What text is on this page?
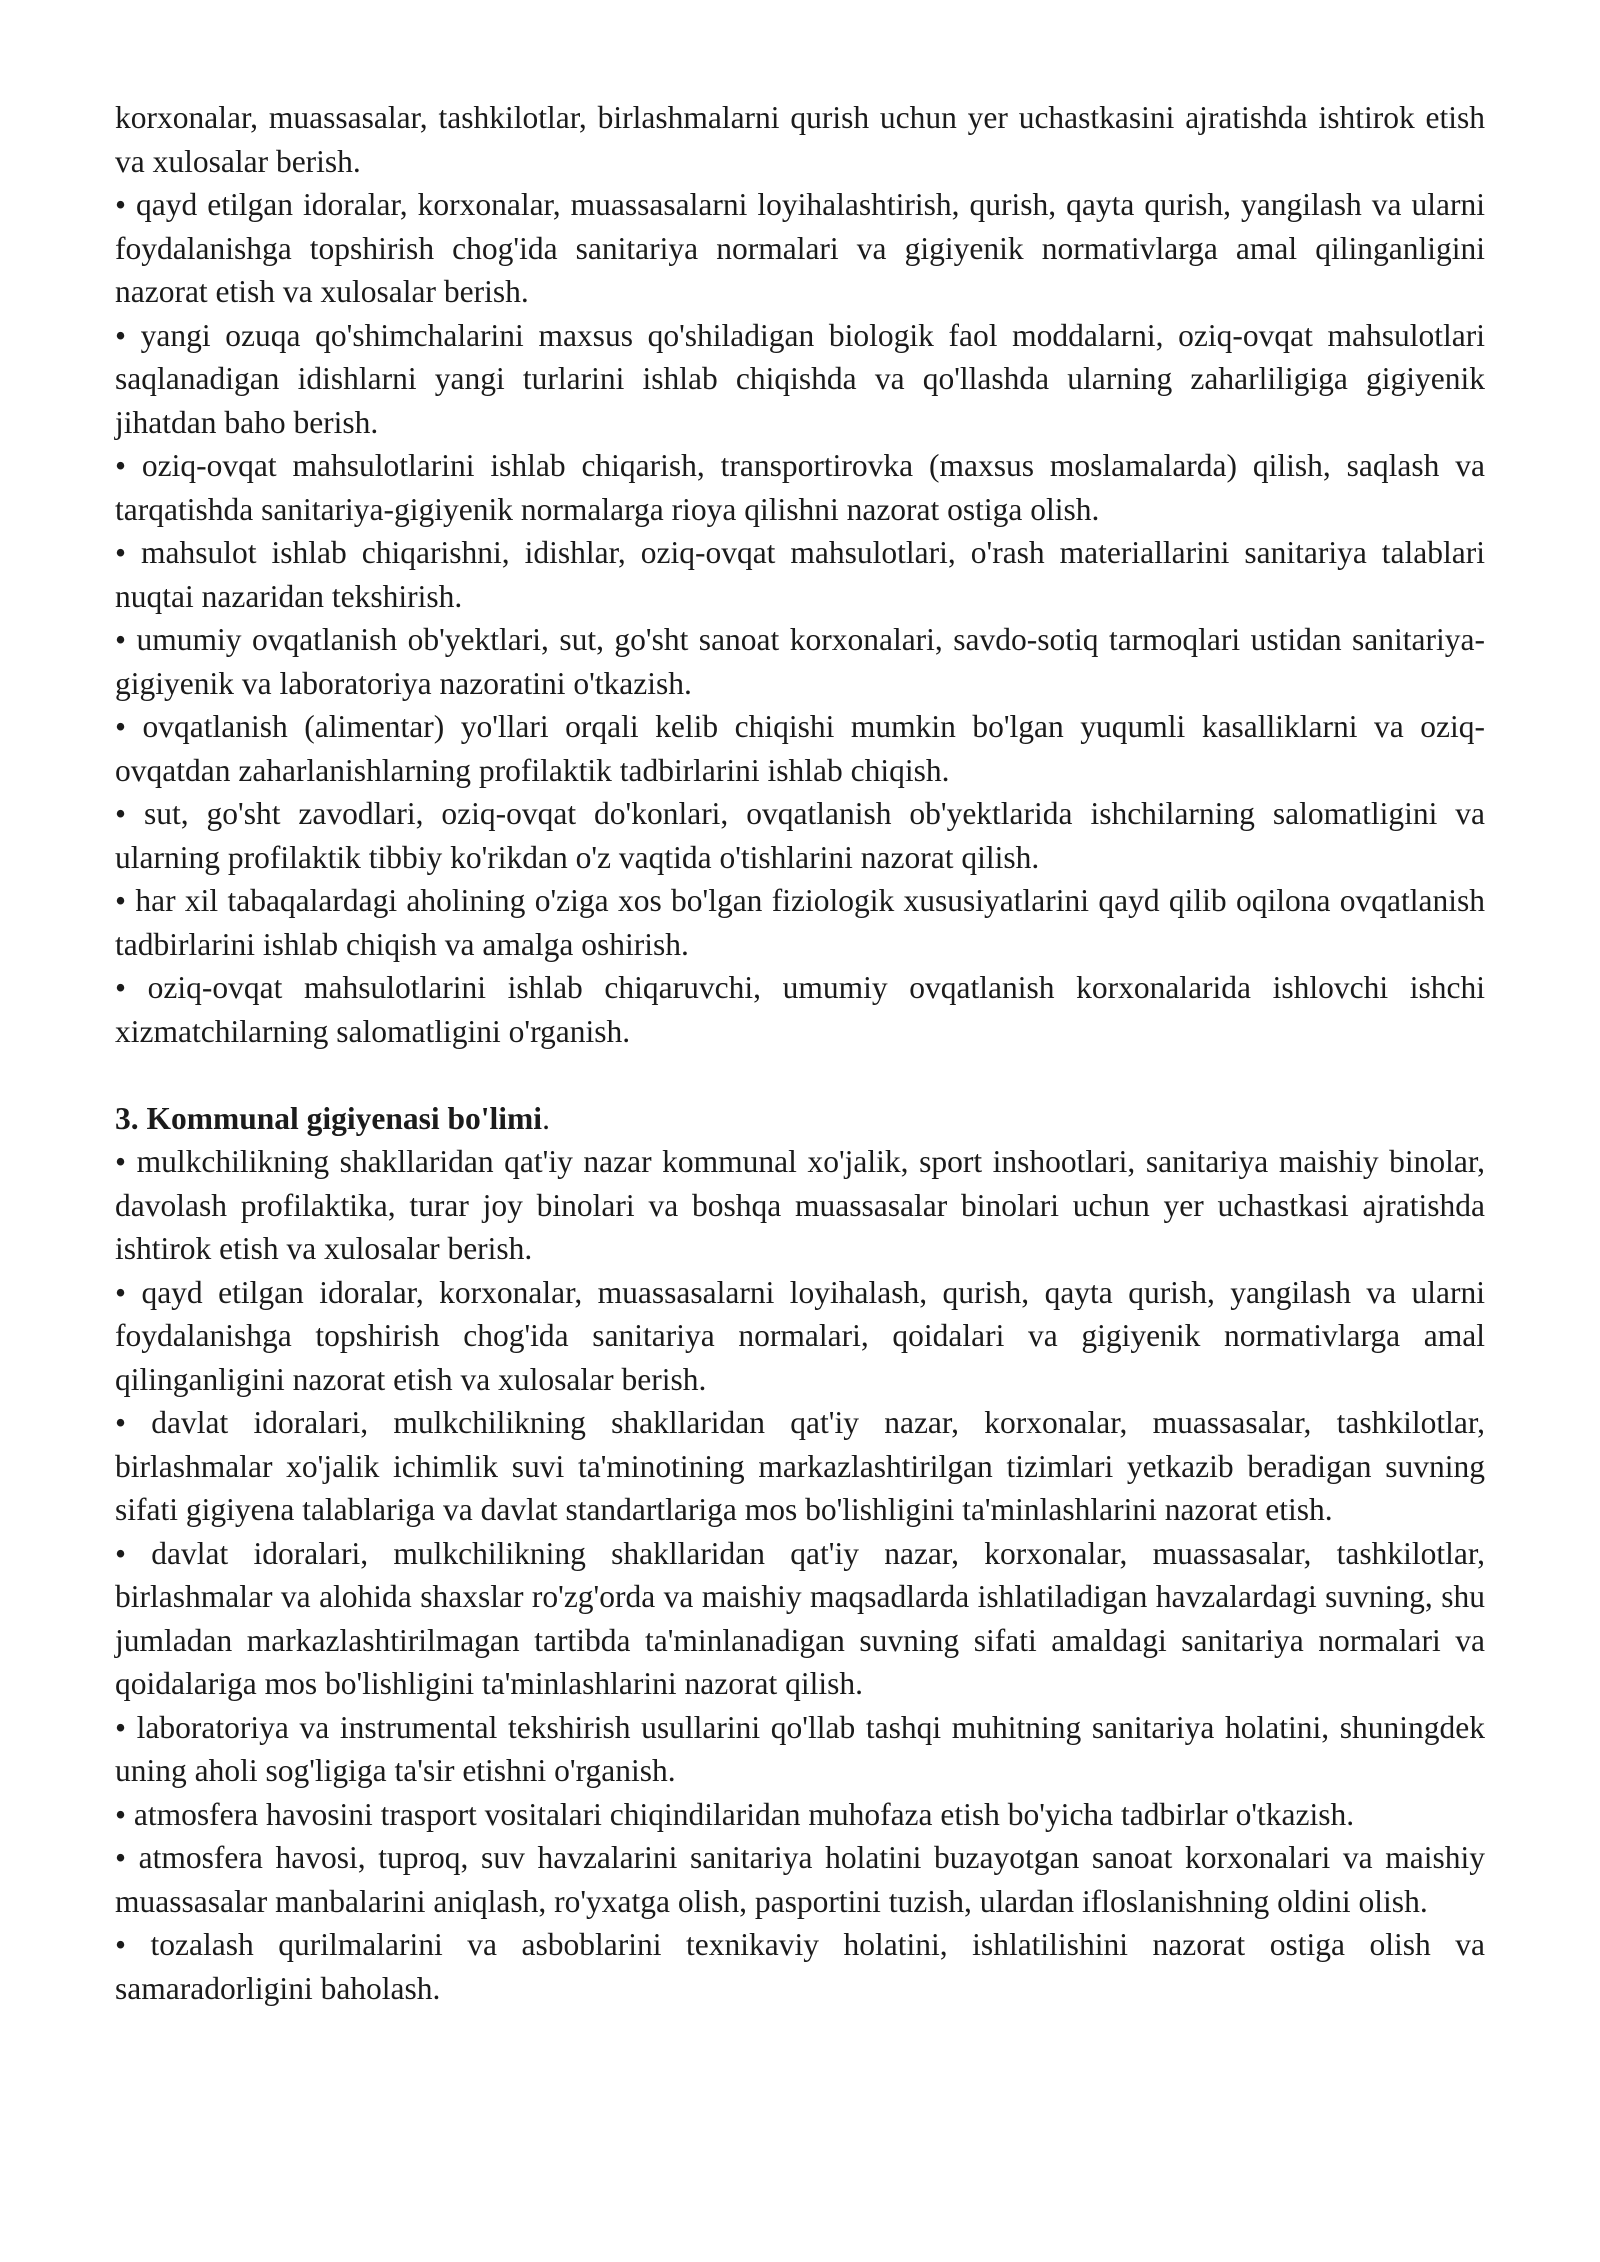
korxonalar, muassasalar, tashkilotlar, birlashmalarni qurish uchun yer uchastkasini ajratishda ishtirok etish va xulosalar berish.

• qayd etilgan idoralar, korxonalar, muassasalarni loyihalashtirish, qurish, qayta qurish, yangilash va ularni foydalanishga topshirish chog'ida sanitariya normalari va gigiyenik normativlarga amal qilinganligini nazorat etish va xulosalar berish.

• yangi ozuqa qo'shimchalarini maxsus qo'shiladigan biologik faol moddalarni, oziq-ovqat mahsulotlari saqlanadigan idishlarni yangi turlarini ishlab chiqishda va qo'llashda ularning zaharliligiga gigiyenik jihatdan baho berish.

• oziq-ovqat mahsulotlarini ishlab chiqarish, transportirovka (maxsus moslamalarda) qilish, saqlash va tarqatishda sanitariya-gigiyenik normalarga rioya qilishni nazorat ostiga olish.

• mahsulot ishlab chiqarishni, idishlar, oziq-ovqat mahsulotlari, o'rash materiallarini sanitariya talablari nuqtai nazaridan tekshirish.

• umumiy ovqatlanish ob'yektlari, sut, go'sht sanoat korxonalari, savdo-sotiq tarmoqlari ustidan sanitariya-gigiyenik va laboratoriya nazoratini o'tkazish.

• ovqatlanish (alimentar) yo'llari orqali kelib chiqishi mumkin bo'lgan yuqumli kasalliklarni va oziq-ovqatdan zaharlanishlarning profilaktik tadbirlarini ishlab chiqish.

• sut, go'sht zavodlari, oziq-ovqat do'konlari, ovqatlanish ob'yektlarida ishchilarning salomatligini va ularning profilaktik tibbiy ko'rikdan o'z vaqtida o'tishlarini nazorat qilish.

• har xil tabaqalardagi aholining o'ziga xos bo'lgan fiziologik xususiyatlarini qayd qilib oqilona ovqatlanish tadbirlarini ishlab chiqish va amalga oshirish.

• oziq-ovqat mahsulotlarini ishlab chiqaruvchi, umumiy ovqatlanish korxonalarida ishlovchi ishchi xizmatchilarning salomatligini o'rganish.

3. Kommunal gigiyenasi bo'limi.

• mulkchilikning shakllaridan qat'iy nazar kommunal xo'jalik, sport inshootlari, sanitariya maishiy binolar, davolash profilaktika, turar joy binolari va boshqa muassasalar binolari uchun yer uchastkasi ajratishda ishtirok etish va xulosalar berish.

• qayd etilgan idoralar, korxonalar, muassasalarni loyihalash, qurish, qayta qurish, yangilash va ularni foydalanishga topshirish chog'ida sanitariya normalari, qoidalari va gigiyenik normativlarga amal qilinganligini nazorat etish va xulosalar berish.

• davlat idoralari, mulkchilikning shakllaridan qat'iy nazar, korxonalar, muassasalar, tashkilotlar, birlashmalar xo'jalik ichimlik suvi ta'minotining markazlashtirilgan tizimlari yetkazib beradigan suvning sifati gigiyena talablariga va davlat standartlariga mos bo'lishligini ta'minlashlarini nazorat etish.

• davlat idoralari, mulkchilikning shakllaridan qat'iy nazar, korxonalar, muassasalar, tashkilotlar, birlashmalar va alohida shaxslar ro'zg'orda va maishiy maqsadlarda ishlatiladigan havzalardagi suvning, shu jumladan markazlashtirilmagan tartibda ta'minlanadigan suvning sifati amaldagi sanitariya normalari va qoidalariga mos bo'lishligini ta'minlashlarini nazorat qilish.

• laboratoriya va instrumental tekshirish usullarini qo'llab tashqi muhitning sanitariya holatini, shuningdek uning aholi sog'ligiga ta'sir etishni o'rganish.

• atmosfera havosini trasport vositalari chiqindilaridan muhofaza etish bo'yicha tadbirlar o'tkazish.

• atmosfera havosi, tuproq, suv havzalarini sanitariya holatini buzayotgan sanoat korxonalari va maishiy muassasalar manbalarini aniqlash, ro'yxatga olish, pasportini tuzish, ulardan ifloslanishning oldini olish.

• tozalash qurilmalarini va asboblarini texnikaviy holatini, ishlatilishini nazorat ostiga olish va samaradorligini baholash.
